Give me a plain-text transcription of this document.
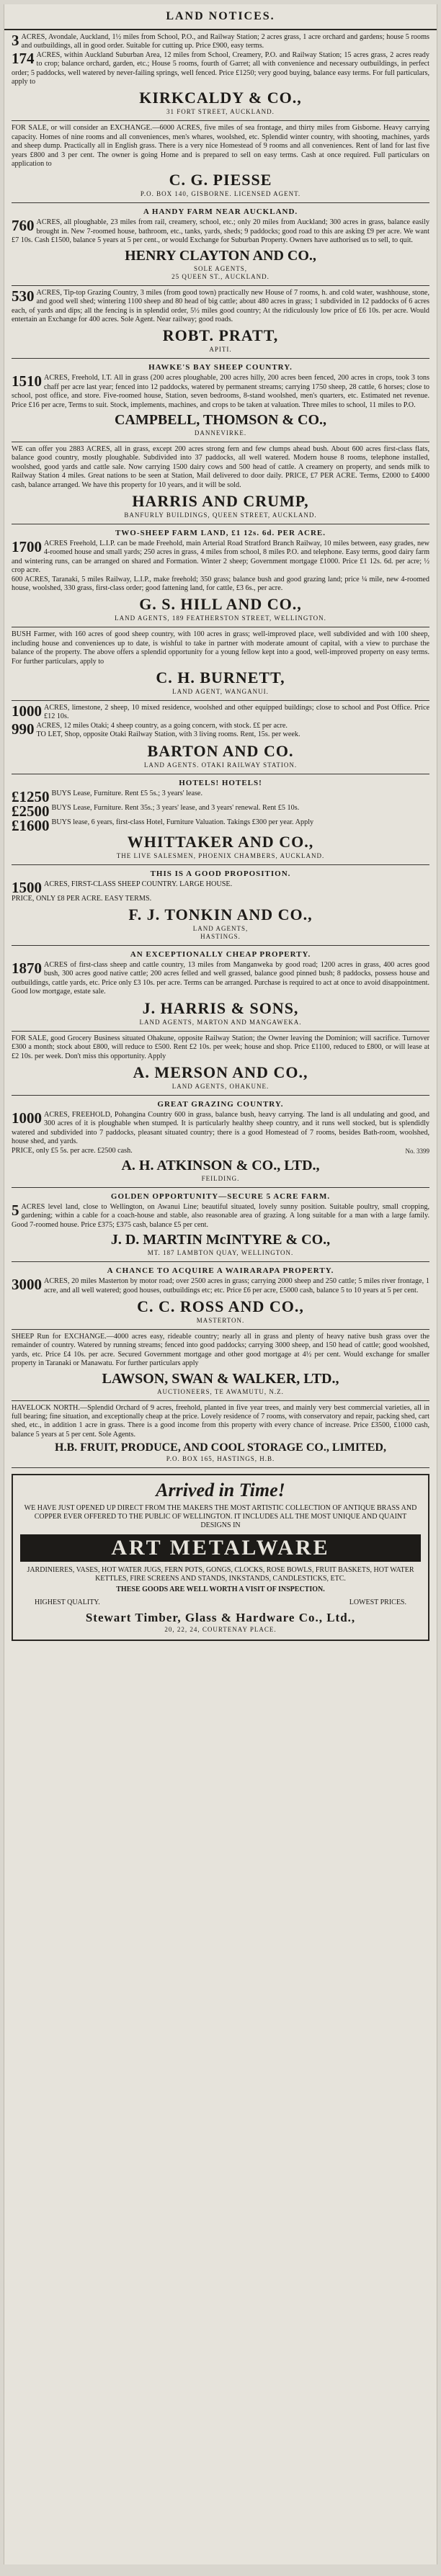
LAND NOTICES.

3 ACRES, Avondale, Auckland, 1½ miles from School, P.O., and Railway Station; 2 acres grass, 1 acre orchard and gardens; house 5 rooms and outbuildings, all in good order. Suitable for cutting up. Price £900, easy terms.

174 ACRES, within Auckland Suburban Area, 12 miles from School, Creamery, P.O. and Railway Station; 15 acres grass, 2 acres ready to crop; balance orchard, garden, etc.; House 5 rooms, fourth of Garret; all with convenience and necessary outbuildings, in perfect order; 5 paddocks, well watered by never-failing springs, well fenced. Price £1250; very good buying, balance easy terms. For full particulars, apply to

KIRKCALDY & CO.,
31 FORT STREET, AUCKLAND.

FOR SALE, or will consider an EXCHANGE.—6000 ACRES, five miles of sea frontage, and thirty miles from Gisborne. Heavy carrying capacity. Homes of nine rooms and all conveniences, men's whares, woolshed, etc. Splendid winter country, with shooting, machines, yards and sheep dump. Practically all in English grass. There is a very nice Homestead of 9 rooms and all conveniences. Rent of land for last five years £800 and 3 per cent. The owner is going Home and is prepared to sell on easy terms. Cash at once required. Full particulars on application to

C. G. PIESSE
P.O. BOX 140, GISBORNE. LICENSED AGENT.
A HANDY FARM NEAR AUCKLAND.

760 ACRES, all ploughable, 23 miles from rail, creamery, school, etc.; only 20 miles from Auckland; 300 acres in grass, balance easily brought in. New 7-roomed house, bathroom, etc., tanks, yards, sheds; 9 paddocks; good road to this are asking £9 per acre. We want £7 10s. Cash £1500, balance 5 years at 5 per cent., or would Exchange for Suburban Property. Owners have authorised us to sell, to quit.

HENRY CLAYTON AND CO.,
SOLE AGENTS,
25 QUEEN ST., AUCKLAND.

530 ACRES, Tip-top Grazing Country, 3 miles (from good town) practically new House of 7 rooms, h. and cold water, washhouse, stone, and good well shed; wintering 1100 sheep and 80 head of big cattle; about 480 acres in grass; 1 subdivided in 12 paddocks of 6 acres each, of yards and dips; all the fencing is in splendid order, 5½ miles good country; At the ridiculously low price of £6 10s. per acre. Would entertain an Exchange for 400 acres. Sole Agent. Near railway; good roads.

ROBT. PRATT,
APITI.
HAWKE'S BAY SHEEP COUNTRY.

1510 ACRES, Freehold, I.T. All in grass (200 acres ploughable, 200 acres hilly, 200 acres been fenced, 200 acres in crops, took 3 tons chaff per acre last year; fenced into 12 paddocks, watered by permanent streams; carrying 1750 sheep, 28 cattle, 6 horses; close to school, post office, and store. Five-roomed house, Station, seven bedrooms, 8-stand woolshed, men's quarters, etc. Estimated net revenue. Price £16 per acre, Terms to suit. Stock, implements, machines, and crops to be taken at valuation. Three miles to school, 11 miles to P.O.

CAMPBELL, THOMSON & CO.,
DANNEVIRKE.

WE can offer you 2883 ACRES, all in grass, except 200 acres strong fern and few clumps ahead bush. About 600 acres first-class flats, balance good country, mostly ploughable. Subdivided into 37 paddocks, all well watered. Modern house 8 rooms, telephone installed, woolshed, good yards and cattle sale. Now carrying 1500 dairy cows and 500 head of cattle. A creamery on property, and sends milk to Railway Station 4 miles. Great nations to be seen at Station, Mail delivered to door daily. PRICE, £7 PER ACRE. Terms, £2000 to £4000 cash, balance arranged. We have this property for 10 years, and it will be sold.

HARRIS AND CRUMP,
BANFURLY BUILDINGS, QUEEN STREET, AUCKLAND.
TWO-SHEEP FARM LAND, £1 12s. 6d. PER ACRE.

1700 ACRES Freehold, L.I.P. can be made Freehold, main Arterial Road Stratford Branch Railway, 10 miles between, easy grades, new 4-roomed house and small yards; 250 acres in grass, 4 miles from school, 8 miles P.O. and telephone. Easy terms, good dairy farm and wintering runs, can be arranged on shared and Formation. Winter 2 sheep; Government mortgage £1000. Price £1 12s. 6d. per acre; ½ crop acre.

600 ACRES, Taranaki, 5 miles Railway, L.I.P., make freehold; 350 grass; balance bush and good grazing land; price ¼ mile, new 4-roomed house, woolshed, 330 grass, first-class order; good fattening land, for cattle, £3 6s., per acre.

G. S. HILL AND CO.,
LAND AGENTS, 189 FEATHERSTON STREET, WELLINGTON.

BUSH Farmer, with 160 acres of good sheep country, with 100 acres in grass; well-improved place, well subdivided and with 100 sheep, including house and conveniences up to date, is wishful to take in partner with moderate amount of capital, with a view to purchase the balance of the property. The above offers a splendid opportunity for a young fellow kept into a good, well-improved property on easy terms. For further particulars, apply to

C. H. BURNETT,
LAND AGENT, WANGANUI.

1000 ACRES, limestone, 2 sheep, 10 mixed residence, woolshed and other equipped buildings; close to school and Post Office. Price £12 10s.

990 ACRES, 12 miles Otaki; 4 sheep country, as a going concern, with stock. ££ per acre.

TO LET, Shop, opposite Otaki Railway Station, with 3 living rooms. Rent, 15s. per week.

BARTON AND CO.
LAND AGENTS. OTAKI RAILWAY STATION.
HOTELS! HOTELS!

£1250 BUYS Lease, Furniture. Rent £5 5s.; 3 years' lease.

£2500 BUYS Lease, Furniture. Rent 35s.; 3 years' lease, and 3 years' renewal. Rent £5 10s.

£1600 BUYS lease, 6 years, first-class Hotel, Furniture Valuation. Takings £300 per year. Apply

WHITTAKER AND CO.,
THE LIVE SALESMEN, PHOENIX CHAMBERS, AUCKLAND.
THIS IS A GOOD PROPOSITION.

1500 ACRES, FIRST-CLASS SHEEP COUNTRY. LARGE HOUSE.

PRICE, ONLY £8 PER ACRE. EASY TERMS.

F. J. TONKIN AND CO.,
LAND AGENTS,
HASTINGS.
AN EXCEPTIONALLY CHEAP PROPERTY.

1870 ACRES of first-class sheep and cattle country, 13 miles from Manganweka by good road; 1200 acres in grass, 400 acres good bush, 300 acres good native cattle; 200 acres felled and well grassed, balance good pinned bush; 8 paddocks, possess house and outbuildings, cattle yards, etc. Price only £3 10s. per acre. Terms can be arranged. Purchase is required to act at once to avoid disappointment. Good low mortgage, estate sale.

J. HARRIS & SONS,
LAND AGENTS, MARTON AND MANGAWEKA.

FOR SALE, good Grocery Business situated Ohakune, opposite Railway Station; the Owner leaving the Dominion; will sacrifice. Turnover £300 a month; stock about £800, will reduce to £500. Rent £2 10s. per week; house and shop. Price £1100, reduced to £800, or will lease at £2 10s. per week. Don't miss this opportunity. Apply

A. MERSON AND CO.,
LAND AGENTS, OHAKUNE.
GREAT GRAZING COUNTRY.

1000 ACRES, FREEHOLD, Pohangina Country 600 in grass, balance bush, heavy carrying. The land is all undulating and good, and 300 acres of it is ploughable when stumped. It is particularly healthy sheep country, and it runs well stocked, but is splendidly watered and subdivided into 7 paddocks, pleasant situated country; there is a good Homestead of 7 rooms, besides Bath-room, woolshed, house shed, and yards.

PRICE, only £5 5s. per acre. £2500 cash.	No. 3399

A. H. ATKINSON & CO., LTD.,
FEILDING.
GOLDEN OPPORTUNITY—SECURE 5 ACRE FARM.

5 ACRES level land, close to Wellington, on Awanui Line; beautiful situated, lovely sunny position. Suitable poultry, small cropping, gardening; within a cable for a coach-house and stable, also reasonable area of grazing. A long suitable for a man with a large family. Good 7-roomed house. Price £375; £375 cash, balance £5 per cent.

J. D. MARTIN McINTYRE & CO.,
MT. 187 LAMBTON QUAY, WELLINGTON.
A CHANCE TO ACQUIRE A WAIRARAPA PROPERTY.

3000 ACRES, 20 miles Masterton by motor road; over 2500 acres in grass; carrying 2000 sheep and 250 cattle; 5 miles river frontage, 1 acre, and all well watered; good houses, outbuildings etc; etc. Price £6 per acre, £5000 cash, balance 5 to 10 years at 5 per cent.

C. C. ROSS AND CO.,
MASTERTON.

SHEEP Run for EXCHANGE.—4000 acres easy, rideable country; nearly all in grass and plenty of heavy native bush grass over the remainder of country. Watered by running streams; fenced into good paddocks; carrying 3000 sheep, and 150 head of cattle; good woolshed, yards, etc. Price £4 10s. per acre. Secured Government mortgage and other good mortgage at 4½ per cent. Would exchange for smaller property in Taranaki or Manawatu. For further particulars apply

LAWSON, SWAN & WALKER, LTD.,
AUCTIONEERS, TE AWAMUTU, N.Z.

HAVELOCK NORTH.—Splendid Orchard of 9 acres, freehold, planted in five year trees, and mainly very best commercial varieties, all in full bearing; fine situation, and exceptionally cheap at the price. Lovely residence of 7 rooms, with conservatory and repair, packing shed, cart shed, etc., in addition 1 acre in grass. There is a good income from this property with every chance of increase. Price £3500, £1000 cash, balance 5 years at 5 per cent. Sole Agents.

H.B. FRUIT, PRODUCE, AND COOL STORAGE CO., LIMITED,
P.O. BOX 165, HASTINGS, H.B.
Arrived in Time!
WE HAVE JUST OPENED UP DIRECT FROM THE MAKERS THE MOST ARTISTIC COLLECTION OF ANTIQUE BRASS AND COPPER EVER OFFERED TO THE PUBLIC OF WELLINGTON. IT INCLUDES ALL THE MOST UNIQUE AND QUAINT DESIGNS IN
ART METALWARE
JARDINIERES, VASES, HOT WATER JUGS, FERN POTS, GONGS, CLOCKS, ROSE BOWLS, FRUIT BASKETS, HOT WATER KETTLES, FIRE SCREENS AND STANDS, INKSTANDS, CANDLESTICKS, ETC.
THESE GOODS ARE WELL WORTH A VISIT OF INSPECTION.
HIGHEST QUALITY.	LOWEST PRICES.
Stewart Timber, Glass & Hardware Co., Ltd.,
20, 22, 24, COURTENAY PLACE.
